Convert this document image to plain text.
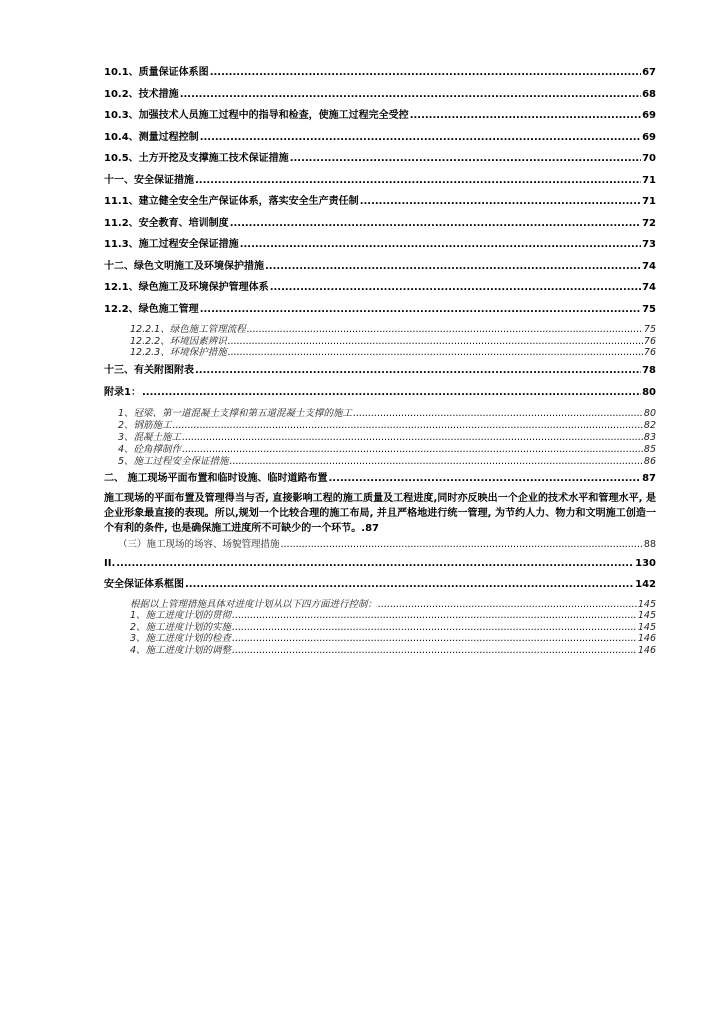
10.1、质量保证体系图 .....	67
10.2、技术措施 .....	68
10.3、加强技术人员施工过程中的指导和检查，使施工过程完全受控 .....	69
10.4、测量过程控制 .....	69
10.5、土方开挖及支撑施工技术保证措施 .....	70
十一、安全保证措施 .....	71
11.1、建立健全安全生产保证体系，落实安全生产责任制 .....	71
11.2、安全教育、培训制度 .....	72
11.3、施工过程安全保证措施 .....	73
十二、绿色文明施工及环境保护措施 .....	74
12.1、绿色施工及环境保护管理体系 .....	74
12.2、绿色施工管理 .....	75
12.2.1、绿色施工管理流程 .....	75
12.2.2、环境因素辨识 .....	76
12.2.3、环境保护措施 .....	76
十三、有关附图附表 .....	78
附录1： .....	80
1、冠梁、第一道混凝土支撑和第五道混凝土支撑的施工 .....	80
2、钢筋施工 .....	82
3、混凝土施工 .....	83
4、砼角撑制作 .....	85
5、施工过程安全保证措施 .....	86
二、 施工现场平面布置和临时设施、临时道路布置 .....	87
施工现场的平面布置及管理得当与否, 直接影响工程的施工质量及工程进度,同时亦反映出一个企业的技术水平和管理水平, 是企业形象最直接的表现。所以,规划一个比较合理的施工布局, 并且严格地进行统一管理, 为节约人力、物力和文明施工创造一个有利的条件, 也是确保施工进度所不可缺少的一个环节。.87
（三）施工现场的场容、场貌管理措施 .....	88
II. .....	130
安全保证体系框图 .....	142
根据以上管理措施具体对进度计划从以下四方面进行控制： .....	145
1、施工进度计划的贯彻 .....	145
2、施工进度计划的实施 .....	145
3、施工进度计划的检查 .....	146
4、施工进度计划的调整 .....	146
